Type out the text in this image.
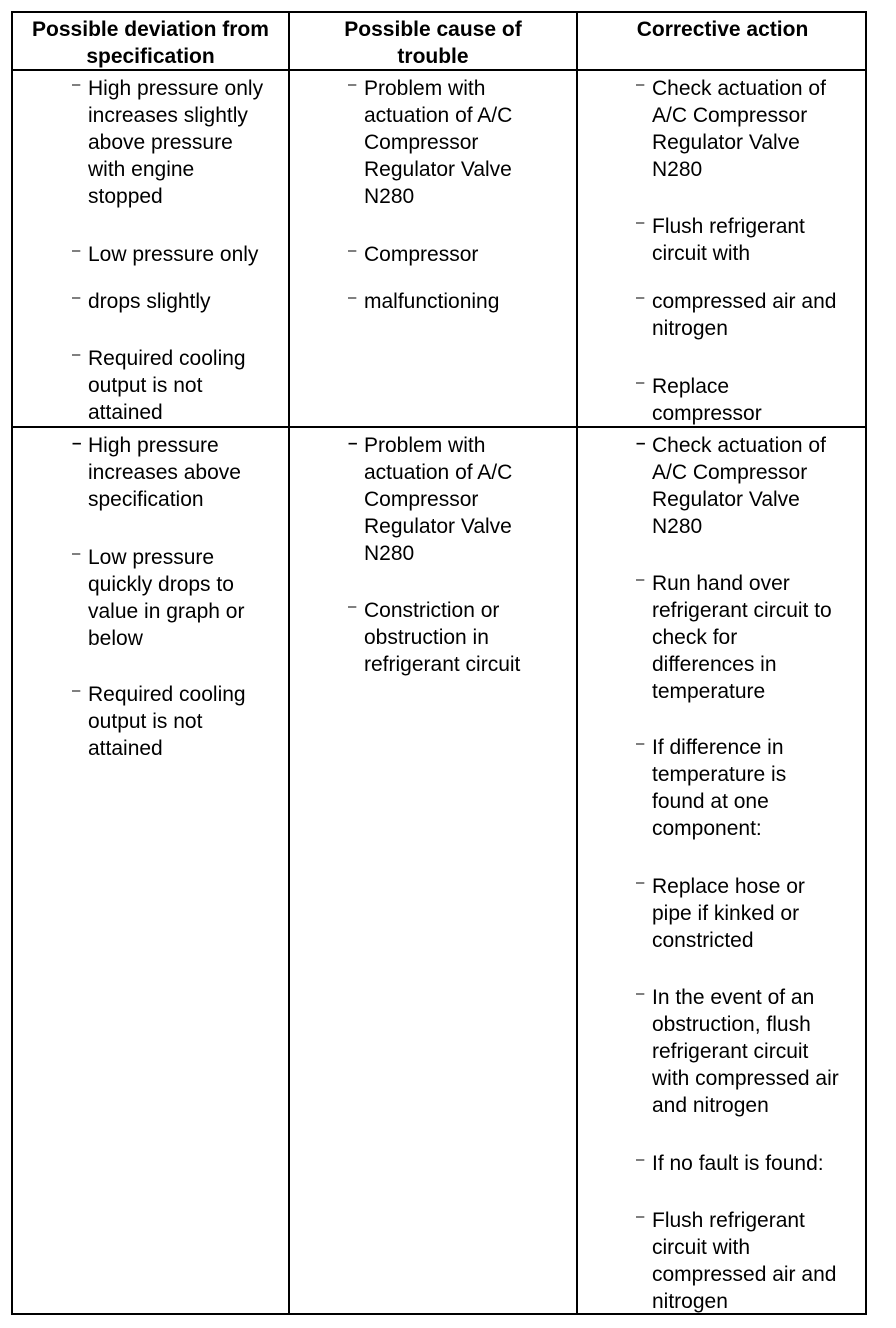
Possible deviation from
specification
Possible cause of
trouble
Corrective action
– High pressure only
increases slightly
above pressure
with engine
stopped
– Low pressure only
– drops slightly
– Required cooling
output is not
attained
– Problem with
actuation of A/C
Compressor
Regulator Valve
N280
– Compressor
– malfunctioning
– Check actuation of
A/C Compressor
Regulator Valve
N280
– Flush refrigerant
circuit with
– compressed air and
nitrogen
– Replace
compressor
– High pressure
increases above
specification
– Low pressure
quickly drops to
value in graph or
below
– Required cooling
output is not
attained
– Problem with
actuation of A/C
Compressor
Regulator Valve
N280
– Constriction or
obstruction in
refrigerant circuit
– Check actuation of
A/C Compressor
Regulator Valve
N280
– Run hand over
refrigerant circuit to
check for
differences in
temperature
– If difference in
temperature is
found at one
component:
– Replace hose or
pipe if kinked or
constricted
– In the event of an
obstruction, flush
refrigerant circuit
with compressed air
and nitrogen
– If no fault is found:
– Flush refrigerant
circuit with
compressed air and
nitrogen
